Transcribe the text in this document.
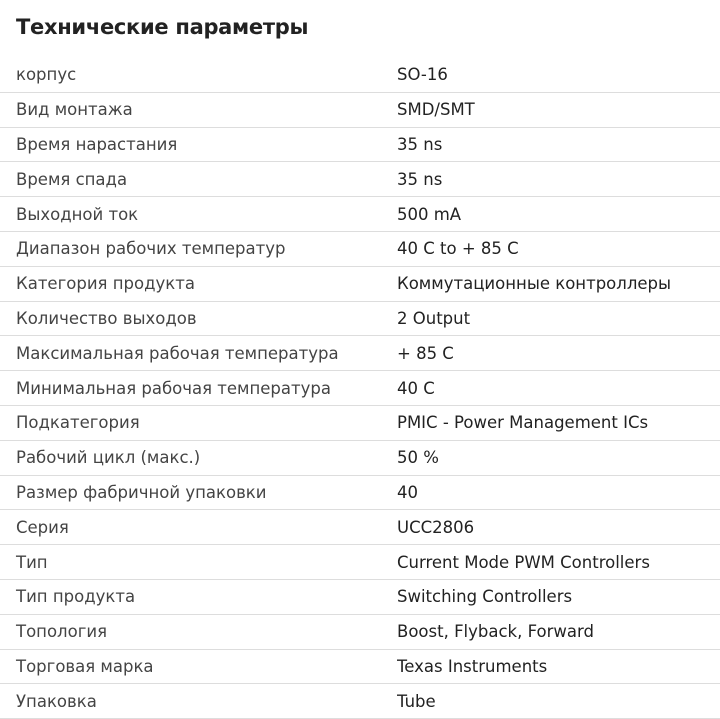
Технические параметры
корпус	SO-16
Вид монтажа	SMD/SMT
Время нарастания	35 ns
Время спада	35 ns
Выходной ток	500 mA
Диапазон рабочих температур	40 C to + 85 C
Категория продукта	Коммутационные контроллеры
Количество выходов	2 Output
Максимальная рабочая температура	+ 85 C
Минимальная рабочая температура	40 C
Подкатегория	PMIC - Power Management ICs
Рабочий цикл (макс.)	50 %
Размер фабричной упаковки	40
Серия	UCC2806
Тип	Current Mode PWM Controllers
Тип продукта	Switching Controllers
Топология	Boost, Flyback, Forward
Торговая марка	Texas Instruments
Упаковка	Tube
